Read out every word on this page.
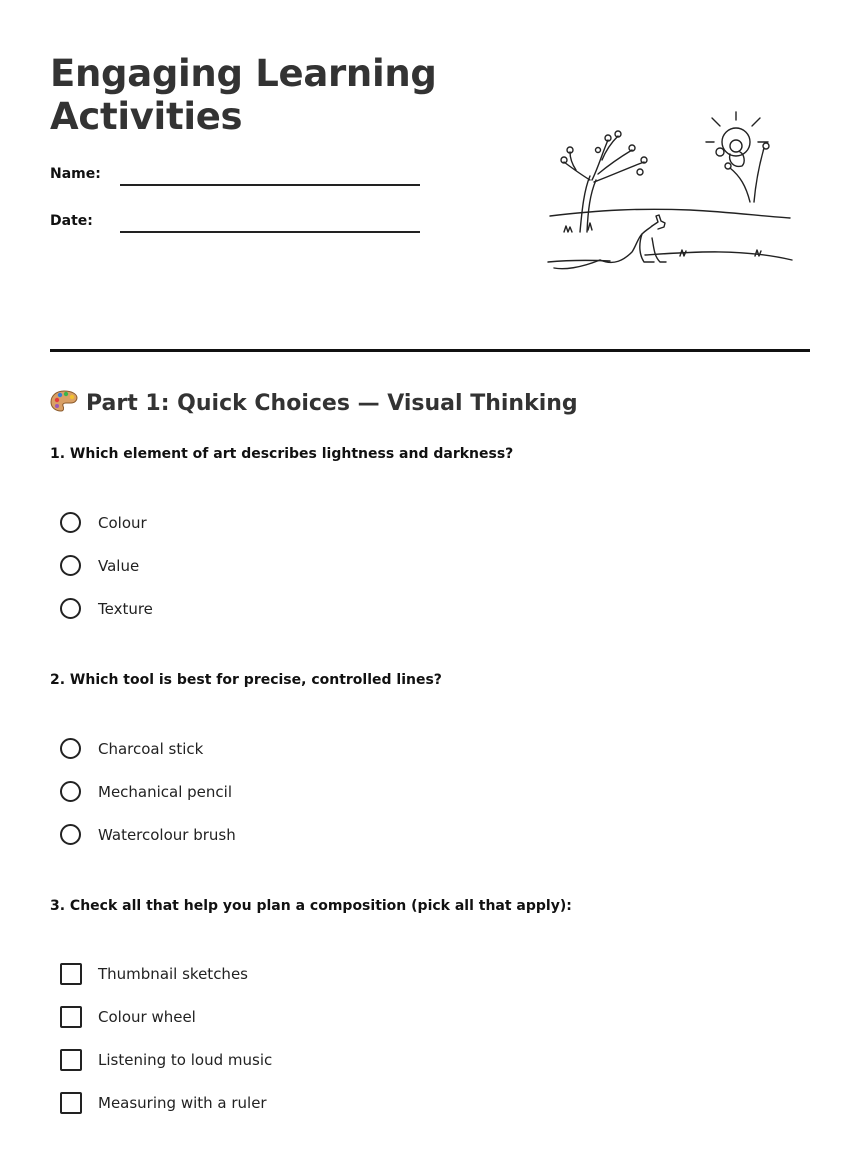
Engaging Learning Activities
Name:
Date:
Part 1: Quick Choices — Visual Thinking

1. Which element of art describes lightness and darkness?

Colour
Value
Texture

2. Which tool is best for precise, controlled lines?

Charcoal stick
Mechanical pencil
Watercolour brush

3. Check all that help you plan a composition (pick all that apply):

Thumbnail sketches
Colour wheel
Listening to loud music
Measuring with a ruler
